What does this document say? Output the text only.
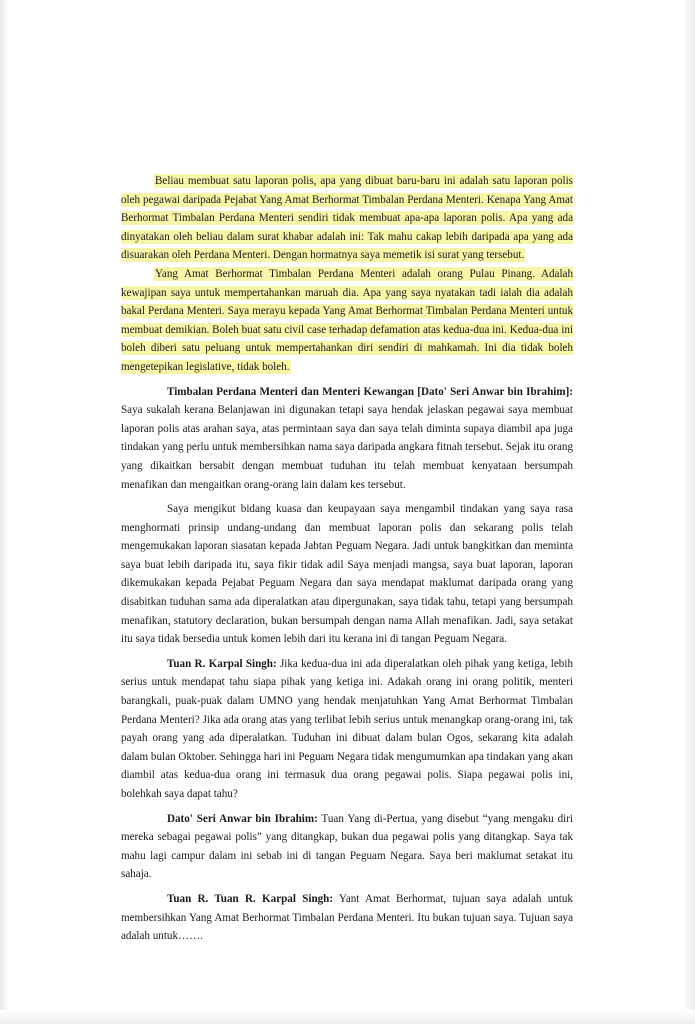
Beliau membuat satu laporan polis, apa yang dibuat baru-baru ini adalah satu laporan polis oleh pegawai daripada Pejabat Yang Amat Berhormat Timbalan Perdana Menteri. Kenapa Yang Amat Berhormat Timbalan Perdana Menteri sendiri tidak membuat apa-apa laporan polis. Apa yang ada dinyatakan oleh beliau dalam surat khabar adalah ini: Tak mahu cakap lebih daripada apa yang ada disuarakan oleh Perdana Menteri. Dengan hormatnya saya memetik isi surat yang tersebut.

Yang Amat Berhormat Timbalan Perdana Menteri adalah orang Pulau Pinang. Adalah kewajipan saya untuk mempertahankan maruah dia. Apa yang saya nyatakan tadi ialah dia adalah bakal Perdana Menteri. Saya merayu kepada Yang Amat Berhormat Timbalan Perdana Menteri untuk membuat demikian. Boleh buat satu civil case terhadap defamation atas kedua-dua ini. Kedua-dua ini boleh diberi satu peluang untuk mempertahankan diri sendiri di mahkamah. Ini dia tidak boleh mengetepikan legislative, tidak boleh.

Timbalan Perdana Menteri dan Menteri Kewangan [Dato' Seri Anwar bin Ibrahim]: Saya sukalah kerana Belanjawan ini digunakan tetapi saya hendak jelaskan pegawai saya membuat laporan polis atas arahan saya, atas permintaan saya dan saya telah diminta supaya diambil apa juga tindakan yang perlu untuk membersihkan nama saya daripada angkara fitnah tersebut. Sejak itu orang yang dikaitkan bersabit dengan membuat tuduhan itu telah membuat kenyataan bersumpah menafikan dan mengaitkan orang-orang lain dalam kes tersebut.

Saya mengikut bidang kuasa dan keupayaan saya mengambil tindakan yang saya rasa menghormati prinsip undang-undang dan membuat laporan polis dan sekarang polis telah mengemukakan laporan siasatan kepada Jabtan Peguam Negara. Jadi untuk bangkitkan dan meminta saya buat lebih daripada itu, saya fikir tidak adil Saya menjadi mangsa, saya buat laporan, laporan dikemukakan kepada Pejabat Peguam Negara dan saya mendapat maklumat daripada orang yang disabitkan tuduhan sama ada diperalatkan atau dipergunakan, saya tidak tahu, tetapi yang bersumpah menafikan, statutory declaration, bukan bersumpah dengan nama Allah menafikan. Jadi, saya setakat itu saya tidak bersedia untuk komen lebih dari itu kerana ini di tangan Peguam Negara.

Tuan R. Karpal Singh: Jika kedua-dua ini ada diperalatkan oleh pihak yang ketiga, lebih serius untuk mendapat tahu siapa pihak yang ketiga ini. Adakah orang ini orang politik, menteri barangkali, puak-puak dalam UMNO yang hendak menjatuhkan Yang Amat Berhormat Timbalan Perdana Menteri? Jika ada orang atas yang terlibat lebih serius untuk menangkap orang-orang ini, tak payah orang yang ada diperalatkan. Tuduhan ini dibuat dalam bulan Ogos, sekarang kita adalah dalam bulan Oktober. Sehingga hari ini Peguam Negara tidak mengumumkan apa tindakan yang akan diambil atas kedua-dua orang ini termasuk dua orang pegawai polis. Siapa pegawai polis ini, bolehkah saya dapat tahu?

Dato' Seri Anwar bin Ibrahim: Tuan Yang di-Pertua, yang disebut “yang mengaku diri mereka sebagai pegawai polis” yang ditangkap, bukan dua pegawai polis yang ditangkap. Saya tak mahu lagi campur dalam ini sebab ini di tangan Peguam Negara. Saya beri maklumat setakat itu sahaja.

Tuan R. Tuan R. Karpal Singh: Yant Amat Berhormat, tujuan saya adalah untuk membersihkan Yang Amat Berhormat Timbalan Perdana Menteri. Itu bukan tujuan saya. Tujuan saya adalah untuk…….
